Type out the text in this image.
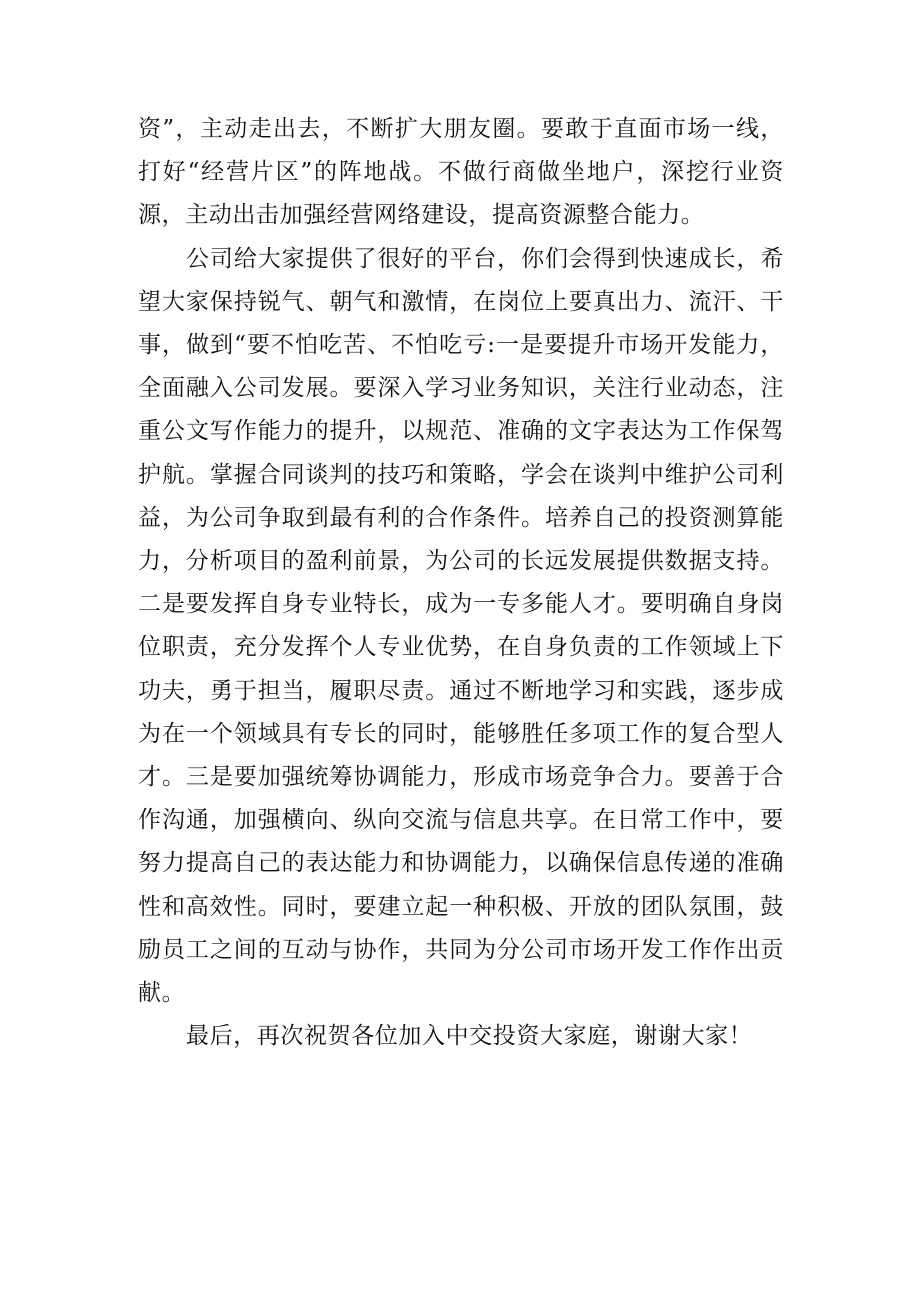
资”，主动走出去，不断扩大朋友圈。要敢于直面市场一线，打好“经营片区”的阵地战。不做行商做坐地户，深挖行业资源，主动出击加强经营网络建设，提高资源整合能力。

公司给大家提供了很好的平台，你们会得到快速成长，希望大家保持锐气、朝气和激情，在岗位上要真出力、流汗、干事，做到“要不怕吃苦、不怕吃亏:一是要提升市场开发能力，全面融入公司发展。要深入学习业务知识，关注行业动态，注重公文写作能力的提升，以规范、准确的文字表达为工作保驾护航。掌握合同谈判的技巧和策略，学会在谈判中维护公司利益，为公司争取到最有利的合作条件。培养自己的投资测算能力，分析项目的盈利前景，为公司的长远发展提供数据支持。二是要发挥自身专业特长，成为一专多能人才。要明确自身岗位职责，充分发挥个人专业优势，在自身负责的工作领域上下功夫，勇于担当，履职尽责。通过不断地学习和实践，逐步成为在一个领域具有专长的同时，能够胜任多项工作的复合型人才。三是要加强统筹协调能力，形成市场竞争合力。要善于合作沟通，加强横向、纵向交流与信息共享。在日常工作中，要努力提高自己的表达能力和协调能力，以确保信息传递的准确性和高效性。同时，要建立起一种积极、开放的团队氛围，鼓励员工之间的互动与协作，共同为分公司市场开发工作作出贡献。

最后，再次祝贺各位加入中交投资大家庭，谢谢大家！
